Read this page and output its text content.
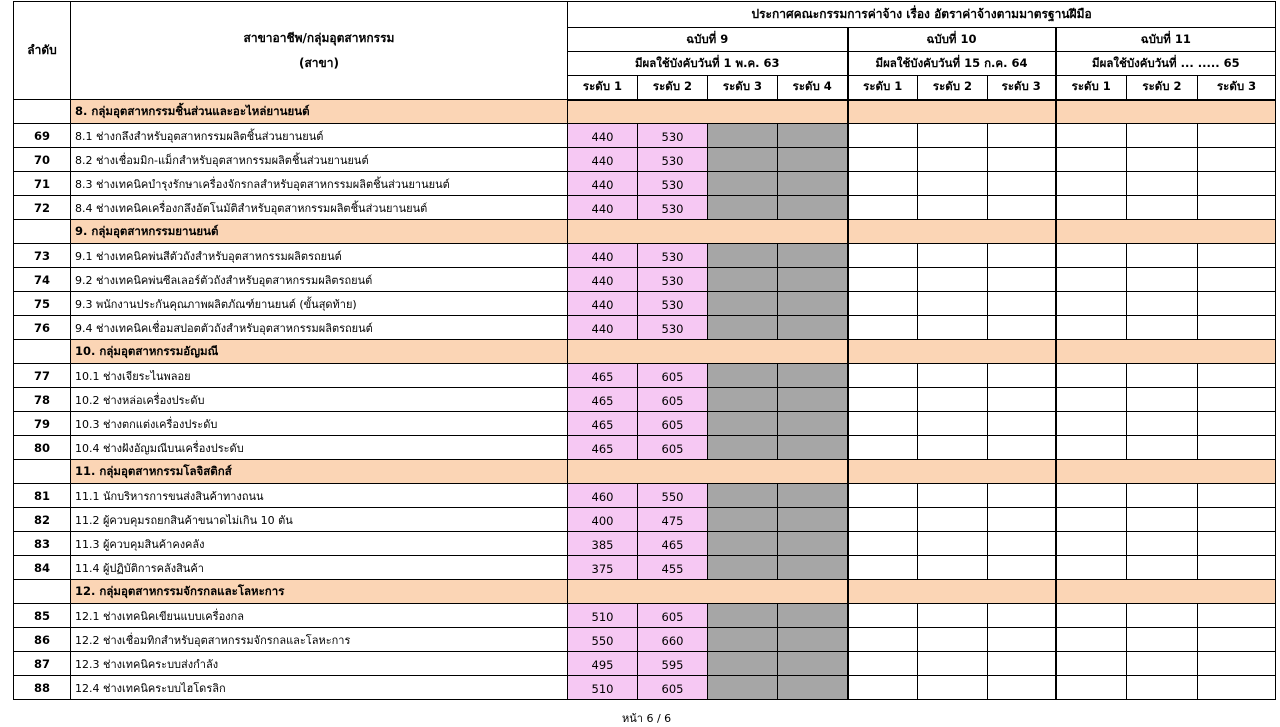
ลำดับ	สาขาอาชีพ/กลุ่มอุตสาหกรรม
(สาขา)	ประกาศคณะกรรมการค่าจ้าง เรื่อง อัตราค่าจ้างตามมาตรฐานฝีมือ									
		ฉบับที่ 9				ฉบับที่ 10			ฉบับที่ 11		
		มีผลใช้บังคับวันที่ 1 พ.ค. 63				มีผลใช้บังคับวันที่ 15 ก.ค. 64			มีผลใช้บังคับวันที่ ... ..... 65		
		ระดับ 1	ระดับ 2	ระดับ 3	ระดับ 4	ระดับ 1	ระดับ 2	ระดับ 3	ระดับ 1	ระดับ 2	ระดับ 3
	8. กลุ่มอุตสาหกรรมชิ้นส่วนและอะไหล่ยานยนต์										
69	8.1 ช่างกลึงสำหรับอุตสาหกรรมผลิตชิ้นส่วนยานยนต์	440	530								
70	8.2 ช่างเชื่อมมิก-แม็กสำหรับอุตสาหกรรมผลิตชิ้นส่วนยานยนต์	440	530								
71	8.3 ช่างเทคนิคบำรุงรักษาเครื่องจักรกลสำหรับอุตสาหกรรมผลิตชิ้นส่วนยานยนต์	440	530								
72	8.4 ช่างเทคนิคเครื่องกลึงอัตโนมัติสำหรับอุตสาหกรรมผลิตชิ้นส่วนยานยนต์	440	530								
	9. กลุ่มอุตสาหกรรมยานยนต์										
73	9.1 ช่างเทคนิคพ่นสีตัวถังสำหรับอุตสาหกรรมผลิตรถยนต์	440	530								
74	9.2 ช่างเทคนิคพ่นซีลเลอร์ตัวถังสำหรับอุตสาหกรรมผลิตรถยนต์	440	530								
75	9.3 พนักงานประกันคุณภาพผลิตภัณฑ์ยานยนต์ (ขั้นสุดท้าย)	440	530								
76	9.4 ช่างเทคนิคเชื่อมสปอตตัวถังสำหรับอุตสาหกรรมผลิตรถยนต์	440	530								
	10. กลุ่มอุตสาหกรรมอัญมณี										
77	10.1 ช่างเจียระไนพลอย	465	605								
78	10.2 ช่างหล่อเครื่องประดับ	465	605								
79	10.3 ช่างตกแต่งเครื่องประดับ	465	605								
80	10.4 ช่างฝังอัญมณีบนเครื่องประดับ	465	605								
	11. กลุ่มอุตสาหกรรมโลจิสติกส์										
81	11.1 นักบริหารการขนส่งสินค้าทางถนน	460	550								
82	11.2 ผู้ควบคุมรถยกสินค้าขนาดไม่เกิน 10 ตัน	400	475								
83	11.3 ผู้ควบคุมสินค้าคงคลัง	385	465								
84	11.4 ผู้ปฏิบัติการคลังสินค้า	375	455								
	12. กลุ่มอุตสาหกรรมจักรกลและโลหะการ										
85	12.1 ช่างเทคนิคเขียนแบบเครื่องกล	510	605								
86	12.2 ช่างเชื่อมทิกสำหรับอุตสาหกรรมจักรกลและโลหะการ	550	660								
87	12.3 ช่างเทคนิคระบบส่งกำลัง	495	595								
88	12.4 ช่างเทคนิคระบบไฮโดรลิก	510	605								
หน้า 6 / 6
